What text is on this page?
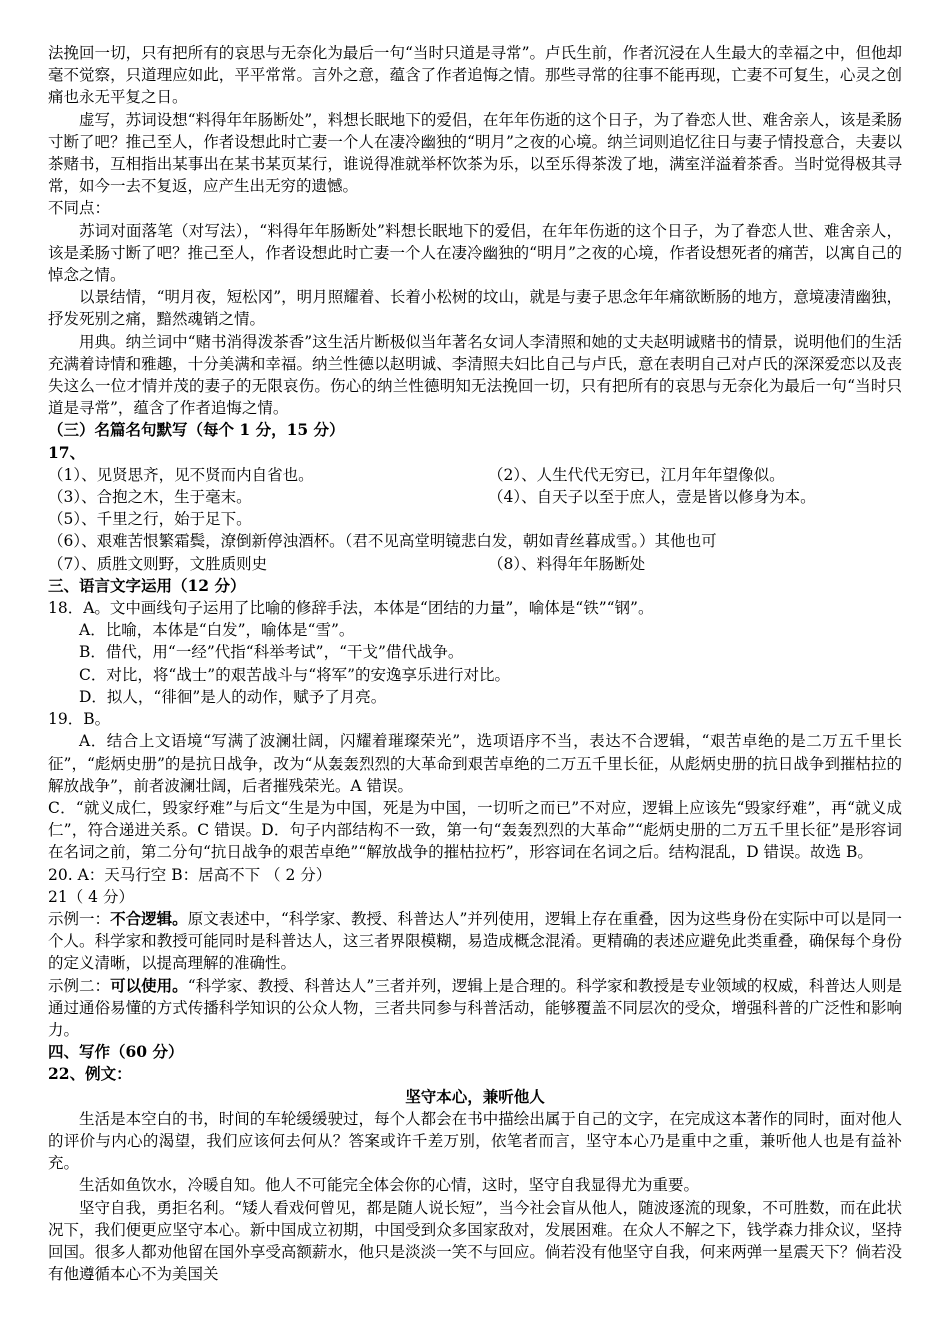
法挽回一切，只有把所有的哀思与无奈化为最后一句“当时只道是寻常”。卢氏生前，作者沉浸在人生最大的幸福之中，但他却毫不觉察，只道理应如此，平平常常。言外之意，蕴含了作者追悔之情。那些寻常的往事不能再现，亡妻不可复生，心灵之创痛也永无平复之日。

虚写，苏词设想“料得年年肠断处”，料想长眠地下的爱侣，在年年伤逝的这个日子，为了眷恋人世、难舍亲人，该是柔肠寸断了吧？推己至人，作者设想此时亡妻一个人在凄冷幽独的“明月”之夜的心境。纳兰词则追忆往日与妻子情投意合，夫妻以茶赌书，互相指出某事出在某书某页某行，谁说得准就举杯饮茶为乐，以至乐得茶泼了地，满室洋溢着茶香。当时觉得极其寻常，如今一去不复返，应产生出无穷的遗憾。

不同点：

苏词对面落笔（对写法），“料得年年肠断处”料想长眠地下的爱侣，在年年伤逝的这个日子，为了眷恋人世、难舍亲人，该是柔肠寸断了吧？推己至人，作者设想此时亡妻一个人在凄冷幽独的“明月”之夜的心境，作者设想死者的痛苦，以寓自己的悼念之情。

以景结情，“明月夜，短松冈”，明月照耀着、长着小松树的坟山，就是与妻子思念年年痛欲断肠的地方，意境凄清幽独，抒发死别之痛，黯然魂销之情。

用典。纳兰词中“赌书消得泼茶香”这生活片断极似当年著名女词人李清照和她的丈夫赵明诚赌书的情景，说明他们的生活充满着诗情和雅趣，十分美满和幸福。纳兰性德以赵明诚、李清照夫妇比自己与卢氏，意在表明自己对卢氏的深深爱恋以及丧失这么一位才情并茂的妻子的无限哀伤。伤心的纳兰性德明知无法挽回一切，只有把所有的哀思与无奈化为最后一句“当时只道是寻常”，蕴含了作者追悔之情。

（三）名篇名句默写（每个 1 分，15 分）

17、

（1）、见贤思齐，见不贤而内自省也。	（2）、人生代代无穷已，江月年年望像似。
（3）、合抱之木，生于毫末。	（4）、自天子以至于庶人，壹是皆以修身为本。

（5）、千里之行，始于足下。

（6）、艰难苦恨繁霜鬓，潦倒新停浊酒杯。（君不见高堂明镜悲白发，朝如青丝暮成雪。）其他也可

（7）、质胜文则野，文胜质则史	（8）、料得年年肠断处

三、语言文字运用（12 分）

18．A。文中画线句子运用了比喻的修辞手法，本体是“团结的力量”，喻体是“铁”“钢”。

A．比喻，本体是“白发”，喻体是“雪”。

B．借代，用“一经”代指“科举考试”，“干戈”借代战争。

C．对比，将“战士”的艰苦战斗与“将军”的安逸享乐进行对比。

D．拟人，“徘徊”是人的动作，赋予了月亮。

19．B。

A．结合上文语境“写满了波澜壮阔，闪耀着璀璨荣光”，选项语序不当，表达不合逻辑，“艰苦卓绝的是二万五千里长征”，“彪炳史册”的是抗日战争，改为“从轰轰烈烈的大革命到艰苦卓绝的二万五千里长征，从彪炳史册的抗日战争到摧枯拉的解放战争”，前者波澜壮阔，后者摧残荣光。A 错误。

C．“就义成仁，毁家纾难”与后文“生是为中国，死是为中国，一切听之而已”不对应，逻辑上应该先“毁家纾难”，再“就义成仁”，符合递进关系。C 错误。D．句子内部结构不一致，第一句“轰轰烈烈的大革命”“彪炳史册的二万五千里长征”是形容词在名词之前，第二分句“抗日战争的艰苦卓绝”“解放战争的摧枯拉朽”，形容词在名词之后。结构混乱，D 错误。故选 B。

20. A：天马行空 B：居高不下 （ 2 分）

21（ 4 分）

示例一：不合逻辑。原文表述中，“科学家、教授、科普达人”并列使用，逻辑上存在重叠，因为这些身份在实际中可以是同一个人。科学家和教授可能同时是科普达人，这三者界限模糊，易造成概念混淆。更精确的表述应避免此类重叠，确保每个身份的定义清晰，以提高理解的准确性。

示例二：可以使用。“科学家、教授、科普达人”三者并列，逻辑上是合理的。科学家和教授是专业领域的权威，科普达人则是通过通俗易懂的方式传播科学知识的公众人物，三者共同参与科普活动，能够覆盖不同层次的受众，增强科普的广泛性和影响力。

四、写作（60 分）

22、例文：

坚守本心，兼听他人

生活是本空白的书，时间的车轮缓缓驶过，每个人都会在书中描绘出属于自己的文字，在完成这本著作的同时，面对他人的评价与内心的渴望，我们应该何去何从？答案或许千差万别，依笔者而言，坚守本心乃是重中之重，兼听他人也是有益补充。

生活如鱼饮水，冷暖自知。他人不可能完全体会你的心情，这时，坚守自我显得尤为重要。

坚守自我，勇拒名利。“矮人看戏何曾见，都是随人说长短”，当今社会盲从他人，随波逐流的现象，不可胜数，而在此状况下，我们便更应坚守本心。新中国成立初期，中国受到众多国家敌对，发展困难。在众人不解之下，钱学森力排众议，坚持回国。很多人都劝他留在国外享受高额薪水，他只是淡淡一笑不与回应。倘若没有他坚守自我，何来两弹一星震天下？倘若没有他遵循本心不为美国关
